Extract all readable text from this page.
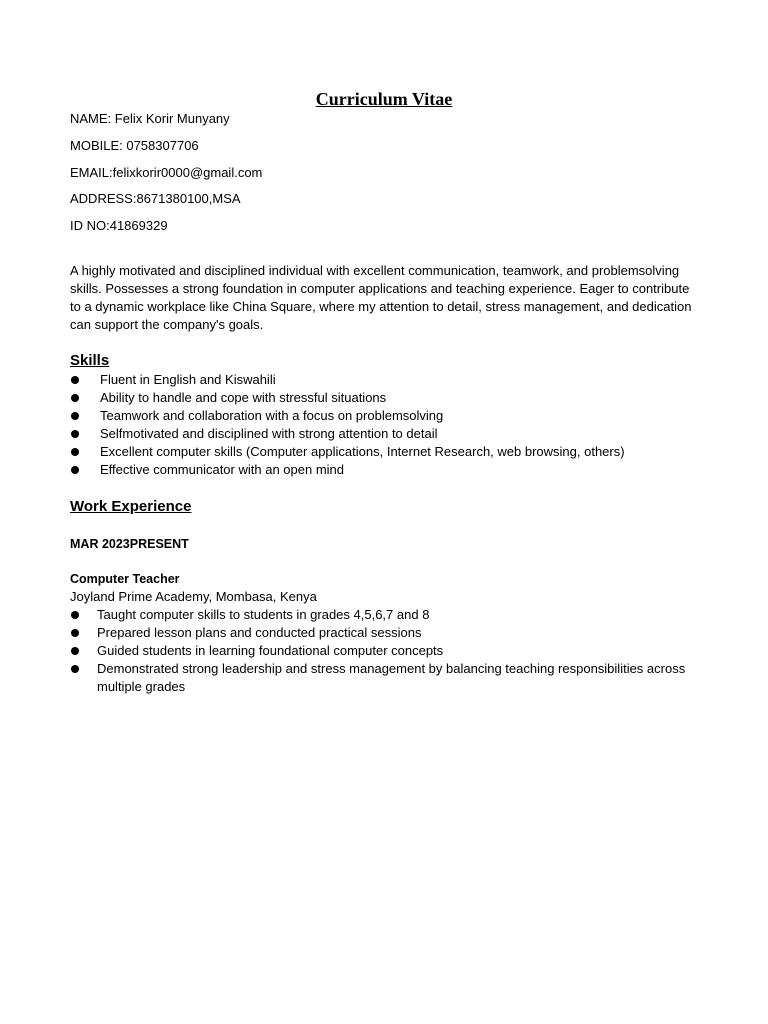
Curriculum Vitae

NAME: Felix Korir Munyany

MOBILE: 0758307706

EMAIL:felixkorir0000@gmail.com

ADDRESS:8671380100,MSA

ID NO:41869329

A highly motivated and disciplined individual with excellent communication, teamwork, and problemsolving skills. Possesses a strong foundation in computer applications and teaching experience. Eager to contribute to a dynamic workplace like China Square, where my attention to detail, stress management, and dedication can support the company's goals.
Skills
Fluent in English and Kiswahili
Ability to handle and cope with stressful situations
Teamwork and collaboration with a focus on problemsolving
Selfmotivated and disciplined with strong attention to detail
Excellent computer skills (Computer applications, Internet Research, web browsing, others)
Effective communicator with an open mind
Work Experience
MAR 2023PRESENT
Computer Teacher
Joyland Prime Academy, Mombasa, Kenya
Taught computer skills to students in grades 4,5,6,7 and 8
Prepared lesson plans and conducted practical sessions
Guided students in learning foundational computer concepts
Demonstrated strong leadership and stress management by balancing teaching responsibilities across multiple grades
